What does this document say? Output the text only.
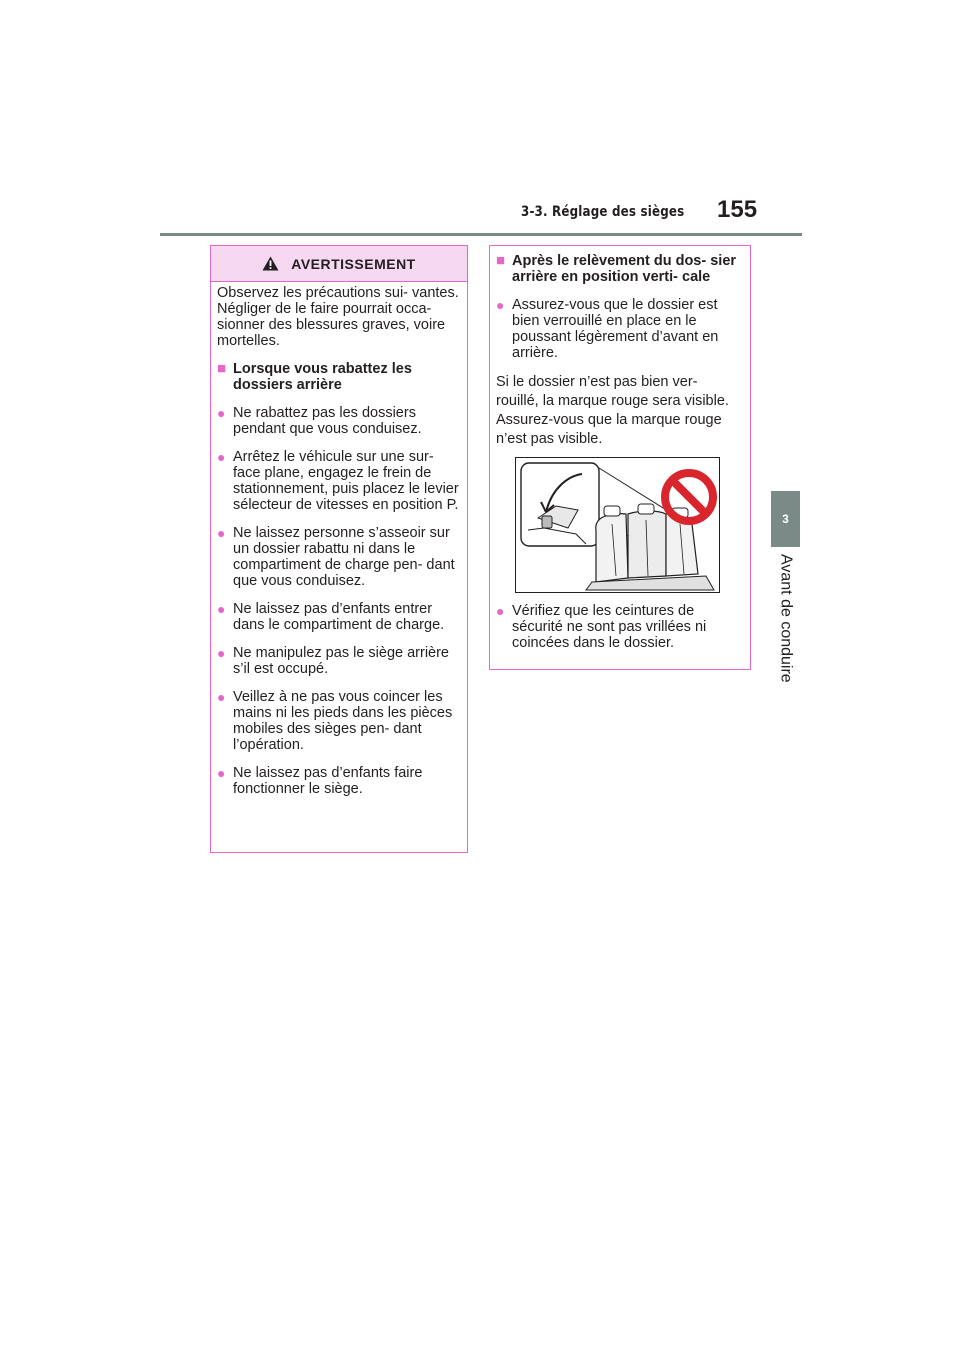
3-3. Réglage des sièges 155
3
Avant de conduire
AVERTISSEMENT

Observez les précautions sui- vantes.

Négliger de le faire pourrait occa- sionner des blessures graves, voire mortelles.

■ Lorsque vous rabattez les dossiers arrière
● Ne rabattez pas les dossiers pendant que vous conduisez.
● Arrêtez le véhicule sur une sur- face plane, engagez le frein de stationnement, puis placez le levier sélecteur de vitesses en position P.
● Ne laissez personne s’asseoir sur un dossier rabattu ni dans le compartiment de charge pen- dant que vous conduisez.
● Ne laissez pas d’enfants entrer dans le compartiment de charge.
● Ne manipulez pas le siège arrière s’il est occupé.
● Veillez à ne pas vous coincer les mains ni les pieds dans les pièces mobiles des sièges pen- dant l’opération.
● Ne laissez pas d’enfants faire fonctionner le siège.
■ Après le relèvement du dos- sier arrière en position verti- cale
● Assurez-vous que le dossier est bien verrouillé en place en le poussant légèrement d’avant en arrière.

Si le dossier n’est pas bien ver- rouillé, la marque rouge sera visible. Assurez-vous que la marque rouge n’est pas visible.

● Vérifiez que les ceintures de sécurité ne sont pas vrillées ni coincées dans le dossier.
